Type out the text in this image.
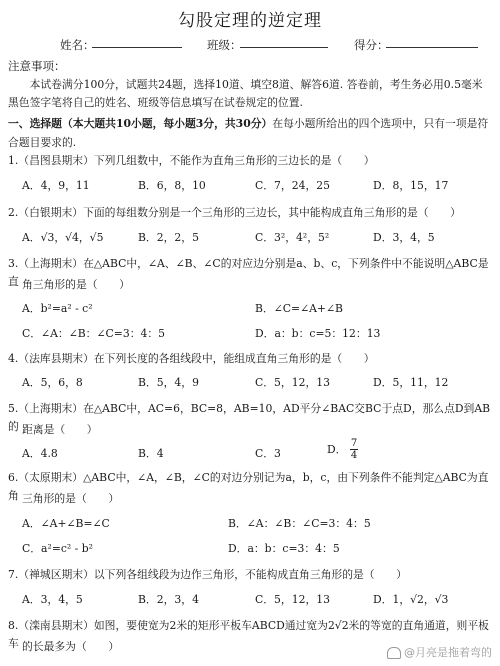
勾股定理的逆定理
姓名：	班级：	得分：
注意事项：
本试卷满分100分，试题共24题，选择10道、填空8道、解答6道. 答卷前，考生务必用0.5毫米黑色签字笔将自己的姓名、班级等信息填写在试卷规定的位置.
一、选择题（本大题共10小题，每小题3分，共30分）在每小题所给出的四个选项中，只有一项是符合题目要求的.
1.（昌图县期末）下列几组数中，不能作为直角三角形的三边长的是（　　）
A．4，9，11	B．6，8，10	C．7，24，25	D．8，15，17
2.（白银期末）下面的每组数分别是一个三角形的三边长，其中能构成直角三角形的是（　　）
A．√3，√4，√5	B．2，2，5	C．3²，4²，5²	D．3，4，5
3.（上海期末）在△ABC中，∠A、∠B、∠C的对应边分别是a、b、c，下列条件中不能说明△ABC是直 角三角形的是（　　）
A．b²=a² - c²	B．∠C=∠A+∠B
C．∠A：∠B：∠C=3：4：5	D．a：b：c=5：12：13
4.（法库县期末）在下列长度的各组线段中，能组成直角三角形的是（　　）
A．5，6，8	B．5，4，9	C．5，12，13	D．5，11，12
5.（上海期末）在△ABC中，AC=6，BC=8，AB=10，AD平分∠BAC交BC于点D，那么点D到AB的 距离是（　　）
A．4.8	B．4	C．3	D． $\frac{7}{4}$
6.（太原期末）△ABC中，∠A，∠B，∠C的对边分别记为a，b，c，由下列条件不能判定△ABC为直角 三角形的是（　　）
A．∠A+∠B=∠C	B．∠A：∠B：∠C=3：4：5
C．a²=c² - b²	D．a：b：c=3：4：5
7.（禅城区期末）以下列各组线段为边作三角形，不能构成直角三角形的是（　　）
A．3，4，5	B．2，3，4	C．5，12，13	D．1，√2，√3
8.（滦南县期末）如图，要使宽为2米的矩形平板车ABCD通过宽为2√2米的等宽的直角通道，则平板车 的长最多为（　　）	@月亮是拖着弯的
